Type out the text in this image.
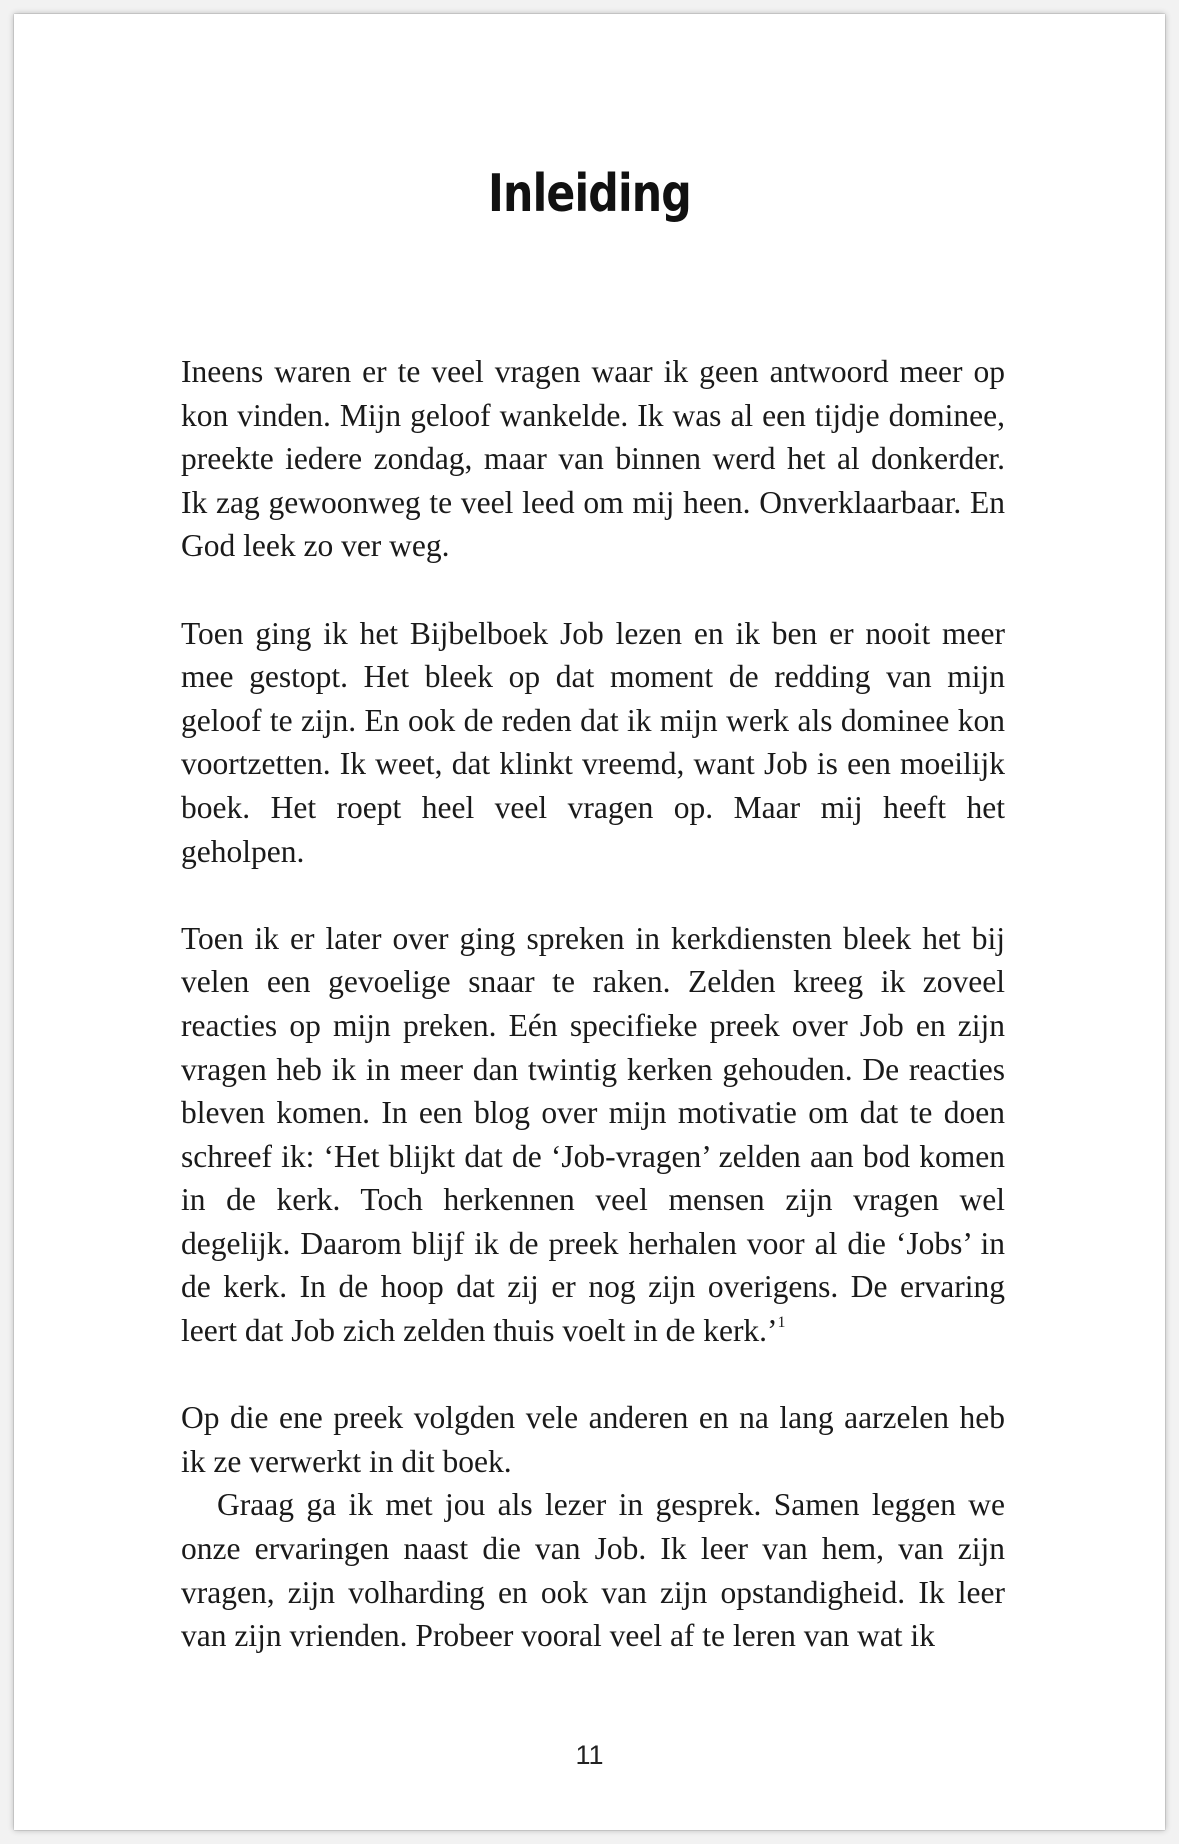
Inleiding

Ineens waren er te veel vragen waar ik geen antwoord meer op kon vinden. Mijn geloof wankelde. Ik was al een tijdje dominee, preekte iedere zondag, maar van binnen werd het al donkerder. Ik zag gewoonweg te veel leed om mij heen. Onverklaarbaar. En God leek zo ver weg.

Toen ging ik het Bijbelboek Job lezen en ik ben er nooit meer mee gestopt. Het bleek op dat moment de redding van mijn geloof te zijn. En ook de reden dat ik mijn werk als dominee kon voortzetten. Ik weet, dat klinkt vreemd, want Job is een moeilijk boek. Het roept heel veel vragen op. Maar mij heeft het geholpen.

Toen ik er later over ging spreken in kerkdiensten bleek het bij velen een gevoelige snaar te raken. Zelden kreeg ik zoveel reacties op mijn preken. Eén specifieke preek over Job en zijn vragen heb ik in meer dan twintig kerken gehouden. De reacties bleven komen. In een blog over mijn motivatie om dat te doen schreef ik: ‘Het blijkt dat de ‘Job-vragen’ zelden aan bod komen in de kerk. Toch herkennen veel mensen zijn vragen wel degelijk. Daarom blijf ik de preek herhalen voor al die ‘Jobs’ in de kerk. In de hoop dat zij er nog zijn overigens. De ervaring leert dat Job zich zelden thuis voelt in de kerk.’$^1$

Op die ene preek volgden vele anderen en na lang aarzelen heb ik ze verwerkt in dit boek.

Graag ga ik met jou als lezer in gesprek. Samen leggen we onze ervaringen naast die van Job. Ik leer van hem, van zijn vragen, zijn volharding en ook van zijn opstandigheid. Ik leer van zijn vrienden. Probeer vooral veel af te leren van wat ik

11
